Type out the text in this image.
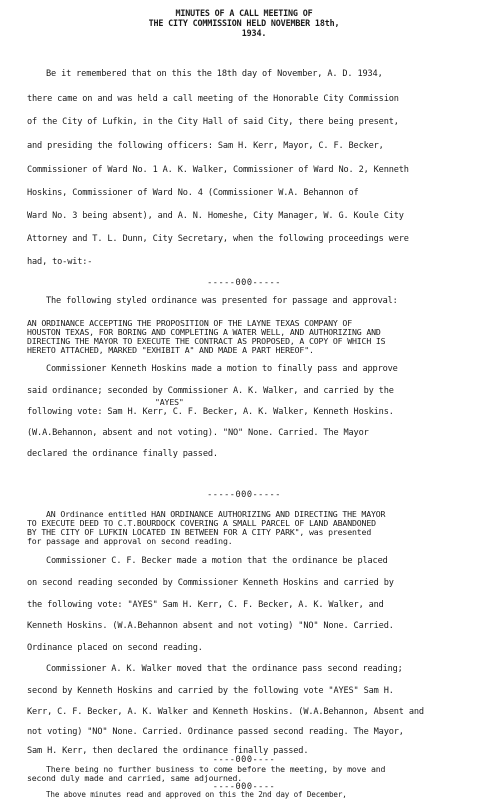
MINUTES OF A CALL MEETING OF
THE CITY COMMISSION HELD NOVEMBER 18th,
1934.
Be it remembered that on this the 18th day of November, A. D. 1934,
there came on and was held a call meeting of the Honorable City Commission
of the City of Lufkin, in the City Hall of said City, there being present,
and presiding the following officers: Sam H. Kerr, Mayor, C. F. Becker,
Commissioner of Ward No. 1 A. K. Walker, Commissioner of Ward No. 2, Kenneth
Hoskins, Commissioner of Ward No. 4 (Commissioner W.A. Behannon of
Ward No. 3 being absent), and A. N. Homeshe, City Manager, W. G. Koule City
Attorney and T. L. Dunn, City Secretary, when the following proceedings were
had, to-wit:-
-----000-----
The following styled ordinance was presented for passage and approval:
AN ORDINANCE ACCEPTING THE PROPOSITION OF THE LAYNE TEXAS COMPANY OF
HOUSTON TEXAS, FOR BORING AND COMPLETING A WATER WELL, AND AUTHORIZING AND
DIRECTING THE MAYOR TO EXECUTE THE CONTRACT AS PROPOSED, A COPY OF WHICH IS
HERETO ATTACHED, MARKED "EXHIBIT A" AND MADE A PART HEREOF".
Commissioner Kenneth Hoskins made a motion to finally pass and approve
said ordinance; seconded by Commissioner A. K. Walker, and carried by the
"AYES"
following vote: Sam H. Kerr, C. F. Becker, A. K. Walker, Kenneth Hoskins.
(W.A.Behannon, absent and not voting). "NO" None. Carried. The Mayor
declared the ordinance finally passed.
-----000-----
AN Ordinance entitled HAN ORDINANCE AUTHORIZING AND DIRECTING THE MAYOR
TO EXECUTE DEED TO C.T.BOURDOCK COVERING A SMALL PARCEL OF LAND ABANDONED
BY THE CITY OF LUFKIN LOCATED IN BETWEEN FOR A CITY PARK", was presented
for passage and approval on second reading.
Commissioner C. F. Becker made a motion that the ordinance be placed
on second reading seconded by Commissioner Kenneth Hoskins and carried by
the following vote: "AYES" Sam H. Kerr, C. F. Becker, A. K. Walker, and
Kenneth Hoskins. (W.A.Behannon absent and not voting) "NO" None. Carried.
Ordinance placed on second reading.
Commissioner A. K. Walker moved that the ordinance pass second reading;
second by Kenneth Hoskins and carried by the following vote "AYES" Sam H.
Kerr, C. F. Becker, A. K. Walker and Kenneth Hoskins. (W.A.Behannon, Absent and
not voting) "NO" None. Carried. Ordinance passed second reading. The Mayor,
Sam H. Kerr, then declared the ordinance finally passed.
----000----
There being no further business to come before the meeting, by move and
second duly made and carried, same adjourned.
----000----
The above minutes read and approved on this the 2nd day of December,
